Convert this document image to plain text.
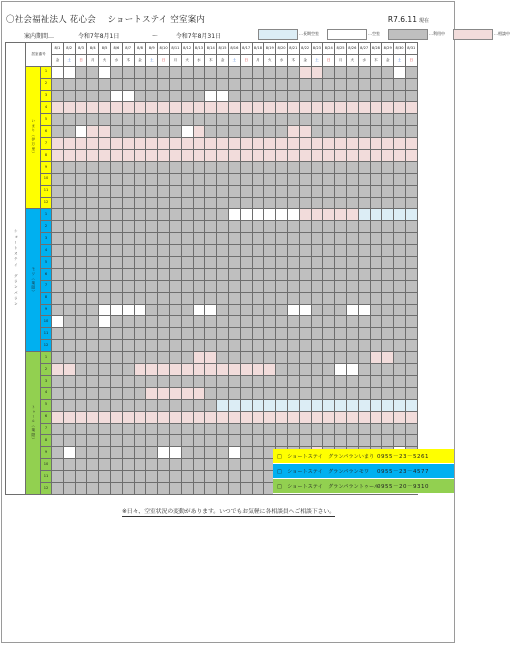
〇社会福祉法人 花心会　 ショートステイ 空室案内	R7.6.11 現在
案内期間…	令和7年8月1日	～	令和7年8月31日	…長期空室	…空室	…利用中	…相談中
ショートステイ　グランパラン	居室番号		8/1	8/2	8/3	8/4	8/5	8/6	8/7	8/8	8/9	8/10	8/11	8/12	8/13	8/14	8/15	8/16	8/17	8/18	8/19	8/20	8/21	8/22	8/23	8/24	8/25	8/26	8/27	8/28	8/29	8/30	8/31
			金	土	日	月	火	水	木	金	土	日	月	火	水	木	金	土	日	月	火	水	木	金	土	日	月	火	水	木	金	土	日
	いまり（伊万里）	1																															
		2																															
		3																															
		4																															
		5																															
		6																															
		7																															
		8																															
		9																															
		10																															
		11																															
		12																															
	モワ（葉隠）	1																															
		2																															
		3																															
		4																															
		5																															
		6																															
		7																															
		8																															
		9																															
		10																															
		11																															
		12																															
	トゥール（葉隠）	1																															
		2																															
		3																															
		4																															
		5																															
		6																															
		7																															
		8																															
		9																															
		10																															
		11																															
		12																															
□　ショートステイ　グランパランいまり 0955－23－5261
□　ショートステイ　グランパランモワ	0955－23－4577
□　ショートステイ　グランパラントゥール
0955－20－9310
※日々、空室状況の変動があります。いつでもお気軽に各相談員へご相談下さい。
